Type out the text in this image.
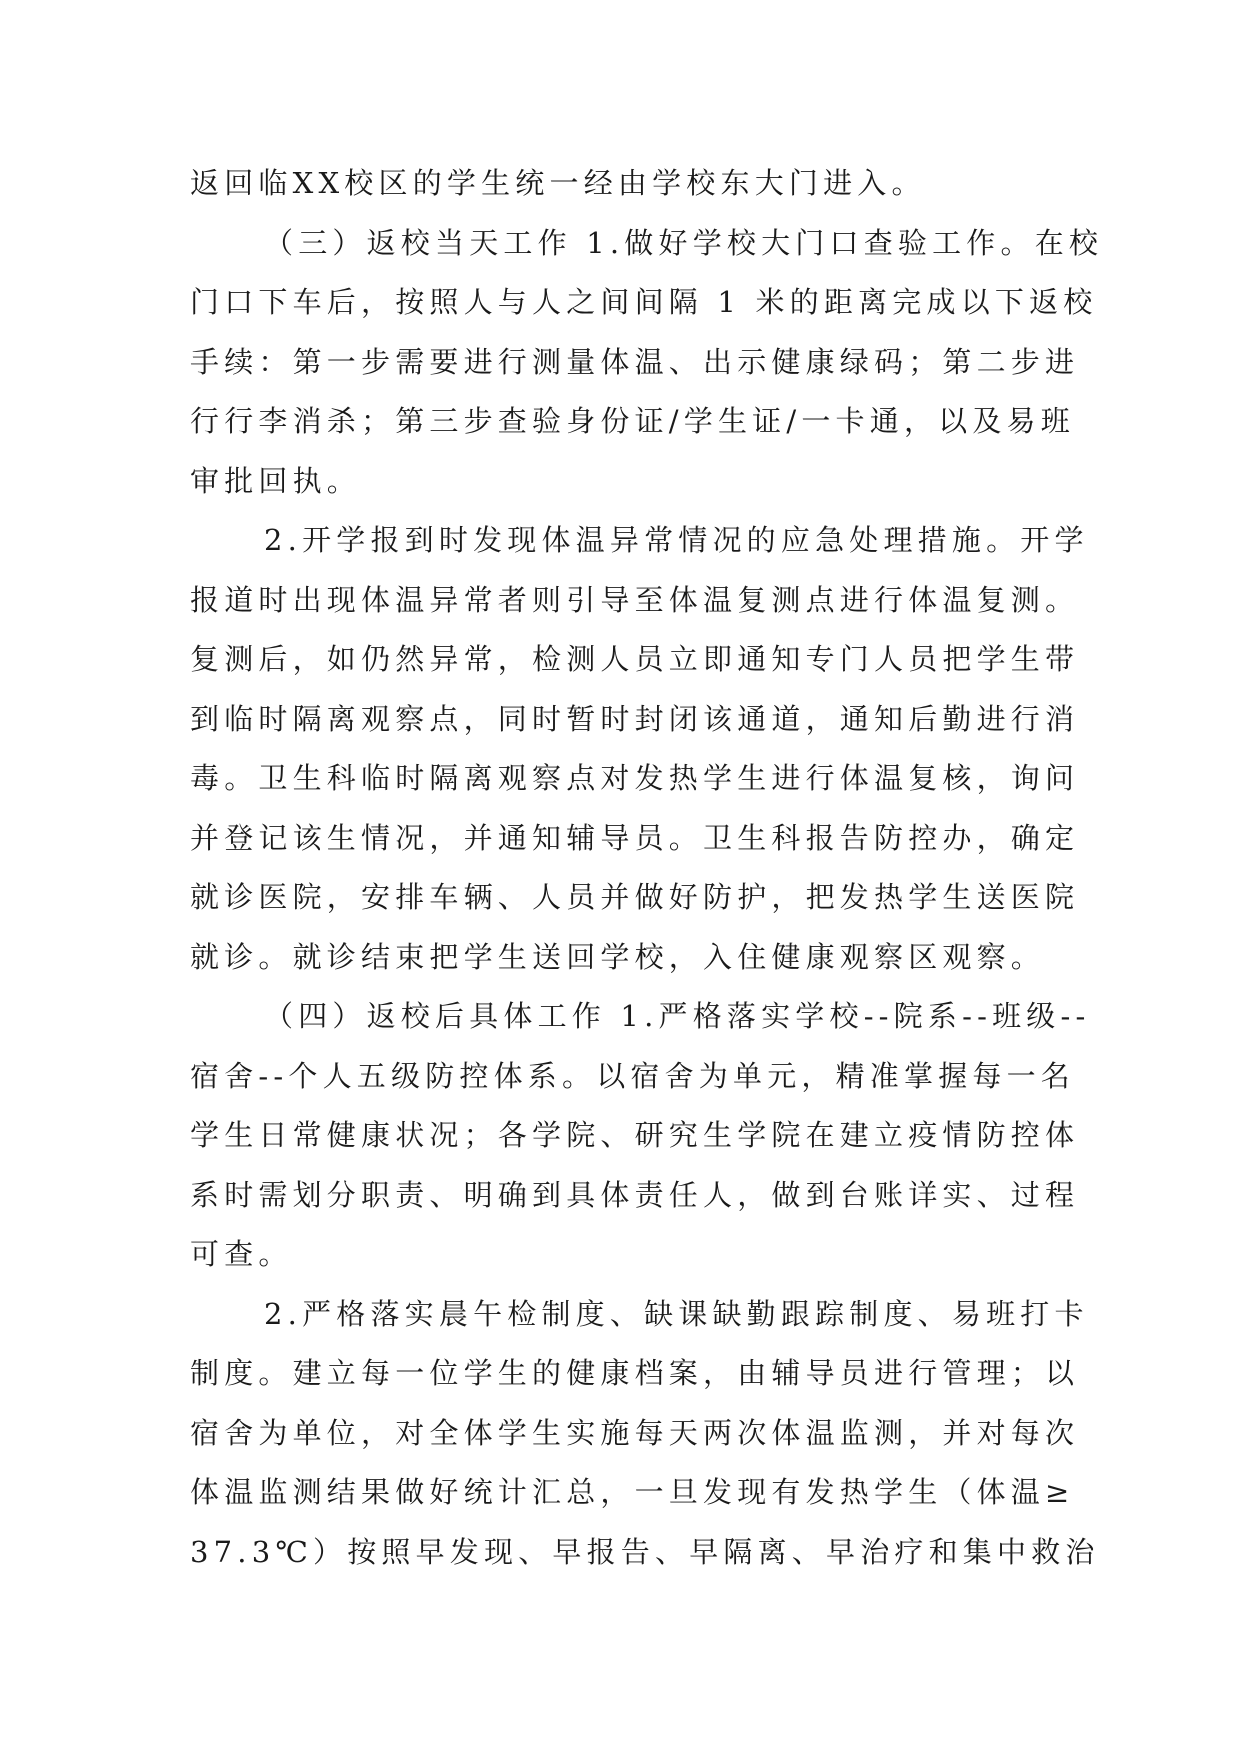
返回临XX校区的学生统一经由学校东大门进入。
（三）返校当天工作 1.做好学校大门口查验工作。在校
门口下车后，按照人与人之间间隔 1 米的距离完成以下返校
手续：第一步需要进行测量体温、出示健康绿码；第二步进
行行李消杀；第三步查验身份证/学生证/一卡通，以及易班
审批回执。
2.开学报到时发现体温异常情况的应急处理措施。开学
报道时出现体温异常者则引导至体温复测点进行体温复测。
复测后，如仍然异常，检测人员立即通知专门人员把学生带
到临时隔离观察点，同时暂时封闭该通道，通知后勤进行消
毒。卫生科临时隔离观察点对发热学生进行体温复核，询问
并登记该生情况，并通知辅导员。卫生科报告防控办，确定
就诊医院，安排车辆、人员并做好防护，把发热学生送医院
就诊。就诊结束把学生送回学校，入住健康观察区观察。
（四）返校后具体工作 1.严格落实学校--院系--班级--
宿舍--个人五级防控体系。以宿舍为单元，精准掌握每一名
学生日常健康状况；各学院、研究生学院在建立疫情防控体
系时需划分职责、明确到具体责任人，做到台账详实、过程
可查。
2.严格落实晨午检制度、缺课缺勤跟踪制度、易班打卡
制度。建立每一位学生的健康档案，由辅导员进行管理；以
宿舍为单位，对全体学生实施每天两次体温监测，并对每次
体温监测结果做好统计汇总，一旦发现有发热学生（体温≥
37.3℃）按照早发现、早报告、早隔离、早治疗和集中救治
